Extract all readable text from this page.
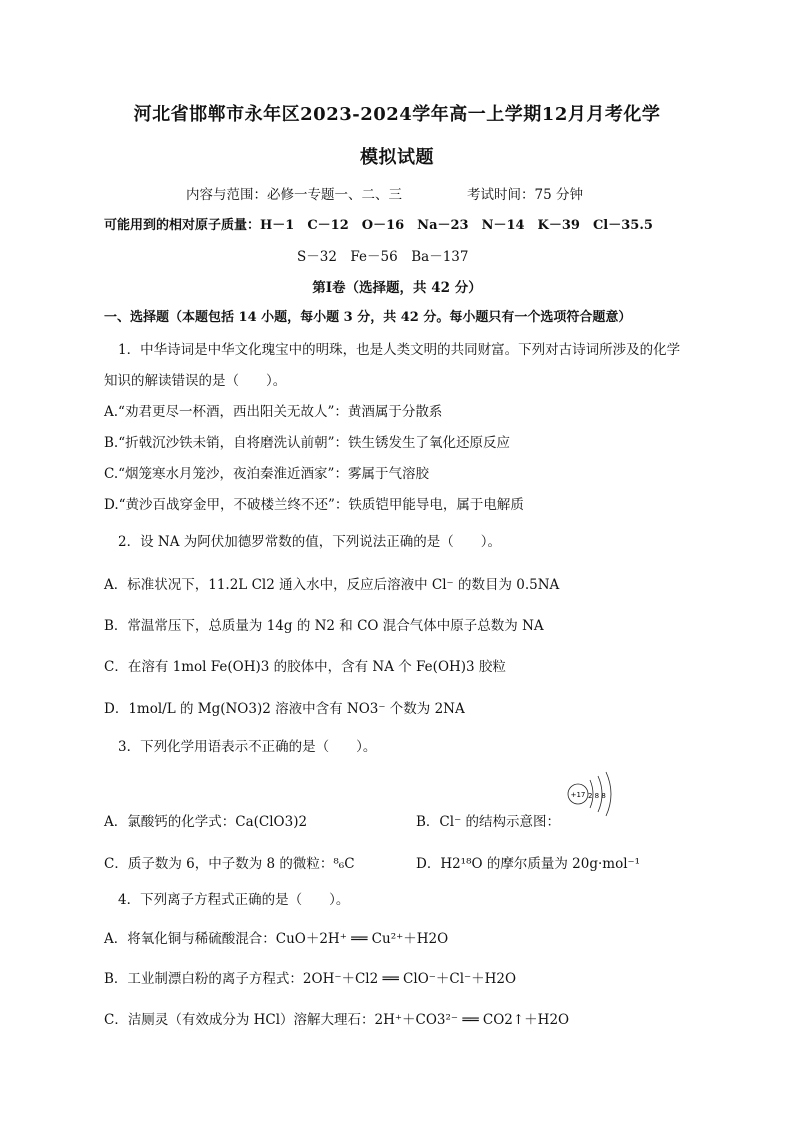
河北省邯郸市永年区2023-2024学年高一上学期12月月考化学
模拟试题
内容与范围：必修一专题一、二、三	考试时间：75 分钟
可能用到的相对原子质量：H－1　C－12　O－16　Na－23　N－14　K－39　Cl－35.5
S－32　Fe－56　Ba－137
第Ⅰ卷（选择题，共 42 分）
一、选择题（本题包括 14 小题，每小题 3 分，共 42 分。每小题只有一个选项符合题意）
1．中华诗词是中华文化瑰宝中的明珠，也是人类文明的共同财富。下列对古诗词所涉及的化学
知识的解读错误的是（　　）。
A.“劝君更尽一杯酒，西出阳关无故人”：黄酒属于分散系
B.“折戟沉沙铁未销，自将磨洗认前朝”：铁生锈发生了氧化还原反应
C.“烟笼寒水月笼沙，夜泊秦淮近酒家”：雾属于气溶胶
D.“黄沙百战穿金甲，不破楼兰终不还”：铁质铠甲能导电，属于电解质
2．设 NA 为阿伏加德罗常数的值，下列说法正确的是（　　）。
A．标准状况下，11.2L Cl2 通入水中，反应后溶液中 Cl⁻ 的数目为 0.5NA
B．常温常压下，总质量为 14g 的 N2 和 CO 混合气体中原子总数为 NA
C．在溶有 1mol Fe(OH)3 的胶体中，含有 NA 个 Fe(OH)3 胶粒
D．1mol/L 的 Mg(NO3)2 溶液中含有 NO3⁻ 个数为 2NA
3．下列化学用语表示不正确的是（　　）。
A．氯酸钙的化学式：Ca(ClO3)2	B．Cl⁻ 的结构示意图：
+17 2 8 8
C．质子数为 6，中子数为 8 的微粒：⁸₆C	D．H2¹⁸O 的摩尔质量为 20g·mol⁻¹
4．下列离子方程式正确的是（　　）。
A．将氧化铜与稀硫酸混合：CuO＋2H⁺ ══ Cu²⁺＋H2O
B．工业制漂白粉的离子方程式：2OH⁻＋Cl2 ══ ClO⁻＋Cl⁻＋H2O
C．洁厕灵（有效成分为 HCl）溶解大理石：2H⁺＋CO3²⁻ ══ CO2↑＋H2O
